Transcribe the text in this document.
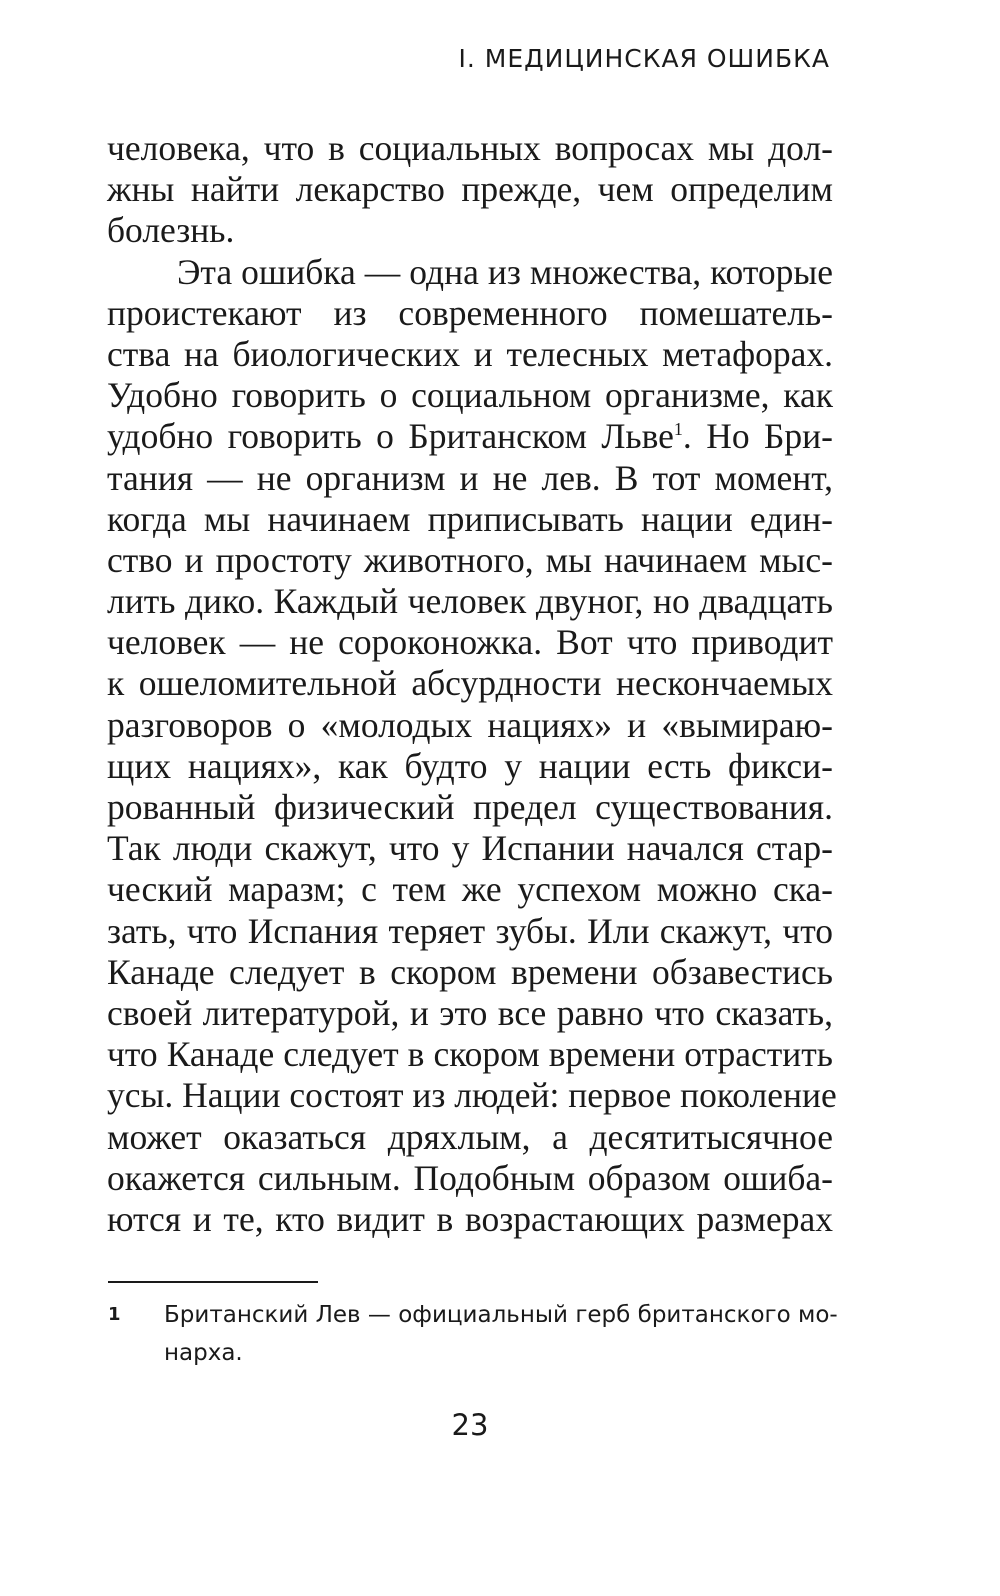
I. МЕДИЦИНСКАЯ ОШИБКА
человека, что в социальных вопросах мы дол-
жны найти лекарство прежде, чем определим
болезнь.
Эта ошибка — одна из множества, которые
проистекают из современного помешатель-
ства на биологических и телесных метафорах.
Удобно говорить о социальном организме, как
удобно говорить о Британском Льве$^1$. Но Бри-
тания — не организм и не лев. В тот момент,
когда мы начинаем приписывать нации един-
ство и простоту животного, мы начинаем мыс-
лить дико. Каждый человек двуног, но двадцать
человек — не сороконожка. Вот что приводит
к ошеломительной абсурдности нескончаемых
разговоров о «молодых нациях» и «вымираю-
щих нациях», как будто у нации есть фикси-
рованный физический предел существования.
Так люди скажут, что у Испании начался стар-
ческий маразм; с тем же успехом можно ска-
зать, что Испания теряет зубы. Или скажут, что
Канаде следует в скором времени обзавестись
своей литературой, и это все равно что сказать,
что Канаде следует в скором времени отрастить
усы. Нации состоят из людей: первое поколение
может оказаться дряхлым, а десятитысячное
окажется сильным. Подобным образом ошиба-
ются и те, кто видит в возрастающих размерах
1 Британский Лев — официальный герб британского мо-
нарха.
23
